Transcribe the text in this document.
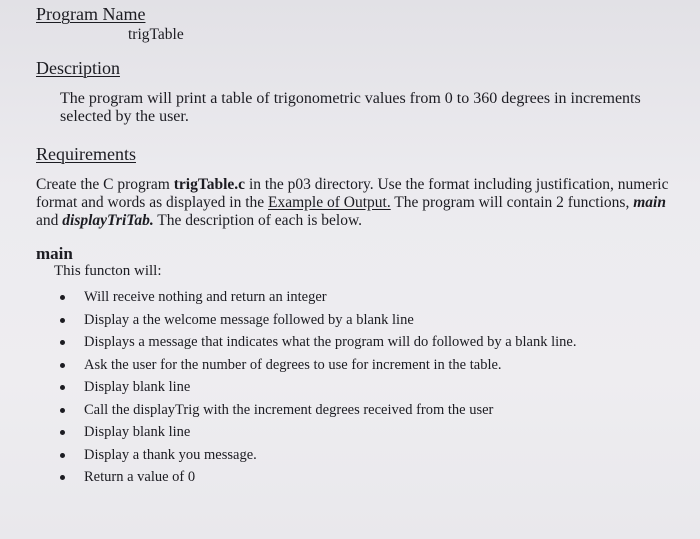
Program Name
trigTable
Description
The program will print a table of trigonometric values from 0 to 360 degrees in increments
selected by the user.
Requirements
Create the C program trigTable.c in the p03 directory. Use the format including justification, numeric
format and words as displayed in the Example of Output. The program will contain 2 functions, main
and displayTriTab. The description of each is below.
main
This functon will:
Will receive nothing and return an integer
Display a the welcome message followed by a blank line
Displays a message that indicates what the program will do followed by a blank line.
Ask the user for the number of degrees to use for increment in the table.
Display blank line
Call the displayTrig with the increment degrees received from the user
Display blank line
Display a thank you message.
Return a value of 0
